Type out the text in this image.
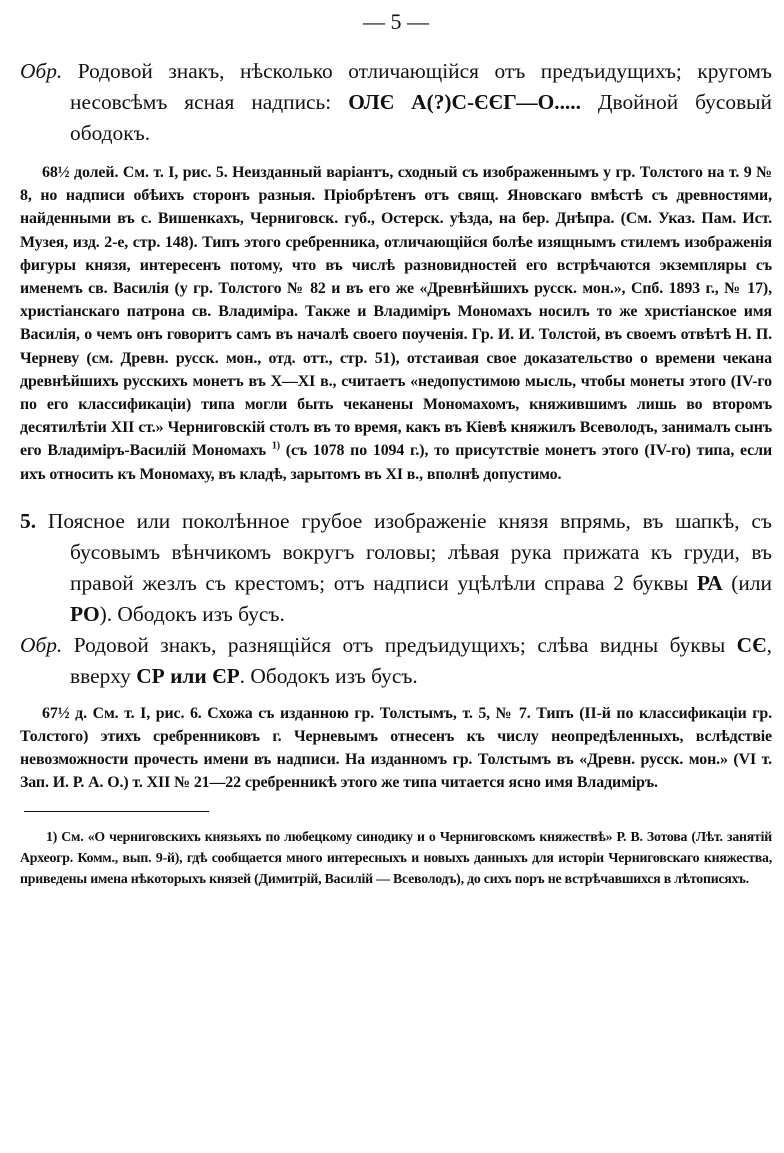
— 5 —
Обр. Родовой знакъ, нѣсколько отличающійся отъ предъидущихъ; кругомъ несовсѣмъ ясная надпись: ОЛЄ А(?)С-ЄЄГ—О..... Двойной бусовый ободокъ.
68½ долей. См. т. I, рис. 5. Неизданный варіантъ, сходный съ изображеннымъ у гр. Толстого на т. 9 № 8, но надписи обѣихъ сторонъ разныя. Пріобрѣтенъ отъ свящ. Яновскаго вмѣстѣ съ древностями, найденными въ с. Вишенкахъ, Черниговск. губ., Остерск. уѣзда, на бер. Днѣпра. (См. Указ. Пам. Ист. Музея, изд. 2-е, стр. 148). Типъ этого сребренника, отличающійся болѣе изящнымъ стилемъ изображенія фигуры князя, интересенъ потому, что въ числѣ разновидностей его встрѣчаются экземпляры съ именемъ св. Василія (у гр. Толстого № 82 и въ его же «Древнѣйшихъ русск. мон.», Спб. 1893 г., № 17), христіанскаго патрона св. Владиміра. Также и Владиміръ Мономахъ носилъ то же христіанское имя Василія, о чемъ онъ говоритъ самъ въ началѣ своего поученія. Гр. И. И. Толстой, въ своемъ отвѣтѣ Н. П. Черневу (см. Древн. русск. мон., отд. отт., стр. 51), отстаивая свое доказательство о времени чекана древнѣйшихъ русскихъ монетъ въ X—XI в., считаетъ «недопустимою мысль, чтобы монеты этого (IV-го по его классификаціи) типа могли быть чеканены Мономахомъ, княжившимъ лишь во второмъ десятилѣтіи XII ст.» Черниговскій столъ въ то время, какъ въ Кіевѣ княжилъ Всеволодъ, занималъ сынъ его Владиміръ-Василій Мономахъ $^{1)}$ (съ 1078 по 1094 г.), то присутствіе монетъ этого (IV-го) типа, если ихъ относить къ Мономаху, въ кладѣ, зарытомъ въ XI в., вполнѣ допустимо.
5. Поясное или поколѣнное грубое изображеніе князя впрямь, въ шапкѣ, съ бусовымъ вѣнчикомъ вокругъ головы; лѣвая рука прижата къ груди, въ правой жезлъ съ крестомъ; отъ надписи уцѣлѣли справа 2 буквы РА (или РО). Ободокъ изъ бусъ.
Обр. Родовой знакъ, разнящійся отъ предъидущихъ; слѣва видны буквы СЄ, вверху СР или ЄР. Ободокъ изъ бусъ.
67½ д. См. т. I, рис. 6. Схожа съ изданною гр. Толстымъ, т. 5, № 7. Типъ (II-й по классификаціи гр. Толстого) этихъ сребренниковъ г. Черневымъ отнесенъ къ числу неопредѣленныхъ, вслѣдствіе невозможности прочесть имени въ надписи. На изданномъ гр. Толстымъ въ «Древн. русск. мон.» (VI т. Зап. И. Р. А. О.) т. XII № 21—22 сребренникѣ этого же типа читается ясно имя Владиміръ.
1) См. «О черниговскихъ князьяхъ по любецкому синодику и о Черниговскомъ княжествѣ» Р. В. Зотова (Лѣт. занятій Археогр. Комм., вып. 9-й), гдѣ сообщается много интересныхъ и новыхъ данныхъ для исторіи Черниговскаго княжества, приведены имена нѣкоторыхъ князей (Димитрій, Василій — Всеволодъ), до сихъ поръ не встрѣчавшихся в лѣтописяхъ.
